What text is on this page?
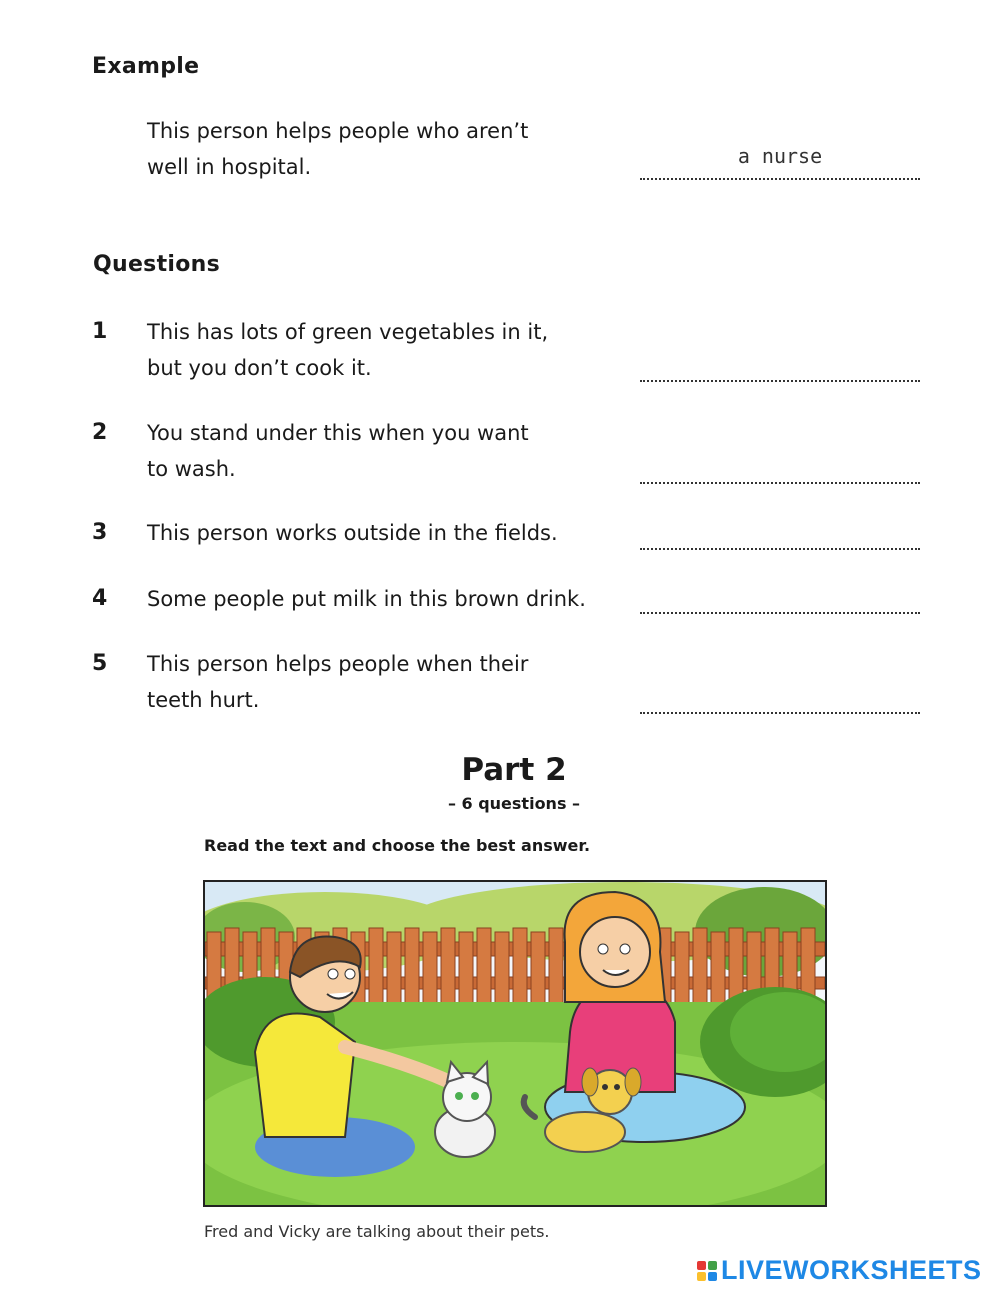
Example
This person helps people who aren’t
well in hospital.	a nurse
Questions
1 This has lots of green vegetables in it,
but you don’t cook it.
2 You stand under this when you want
to wash.
3 This person works outside in the fields.
4 Some people put milk in this brown drink.
5 This person helps people when their
teeth hurt.
Part 2
– 6 questions –
Read the text and choose the best answer.
Fred and Vicky are talking about their pets.
LIVEWORKSHEETS
